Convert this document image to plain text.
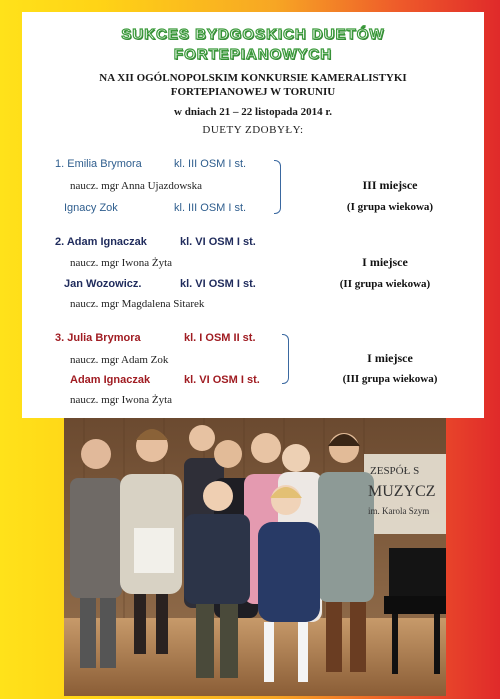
SUKCES BYDGOSKICH DUETÓW
FORTEPIANOWYCH
NA XII OGÓLNOPOLSKIM KONKURSIE KAMERALISTYKI
FORTEPIANOWEJ W TORUNIU
w dniach 21 – 22 listopada 2014 r.
DUETY ZDOBYŁY:
1. Emilia Brymora	kl. III OSM I st.
naucz. mgr Anna Ujazdowska
Ignacy Zok	kl. III OSM I st.
III miejsce
(I grupa wiekowa)
2. Adam Ignaczak	kl. VI OSM I st.
naucz. mgr Iwona Żyta
Jan Wozowicz.	kl. VI OSM I st.
naucz. mgr Magdalena Sitarek
I miejsce
(II grupa wiekowa)
3. Julia Brymora	kl. I OSM II st.
naucz. mgr Adam Zok
Adam Ignaczak	kl. VI OSM I st.
naucz. mgr Iwona Żyta
I miejsce
(III grupa wiekowa)
ZESPÓŁ S
MUZYCZ
im. Karola Szym
